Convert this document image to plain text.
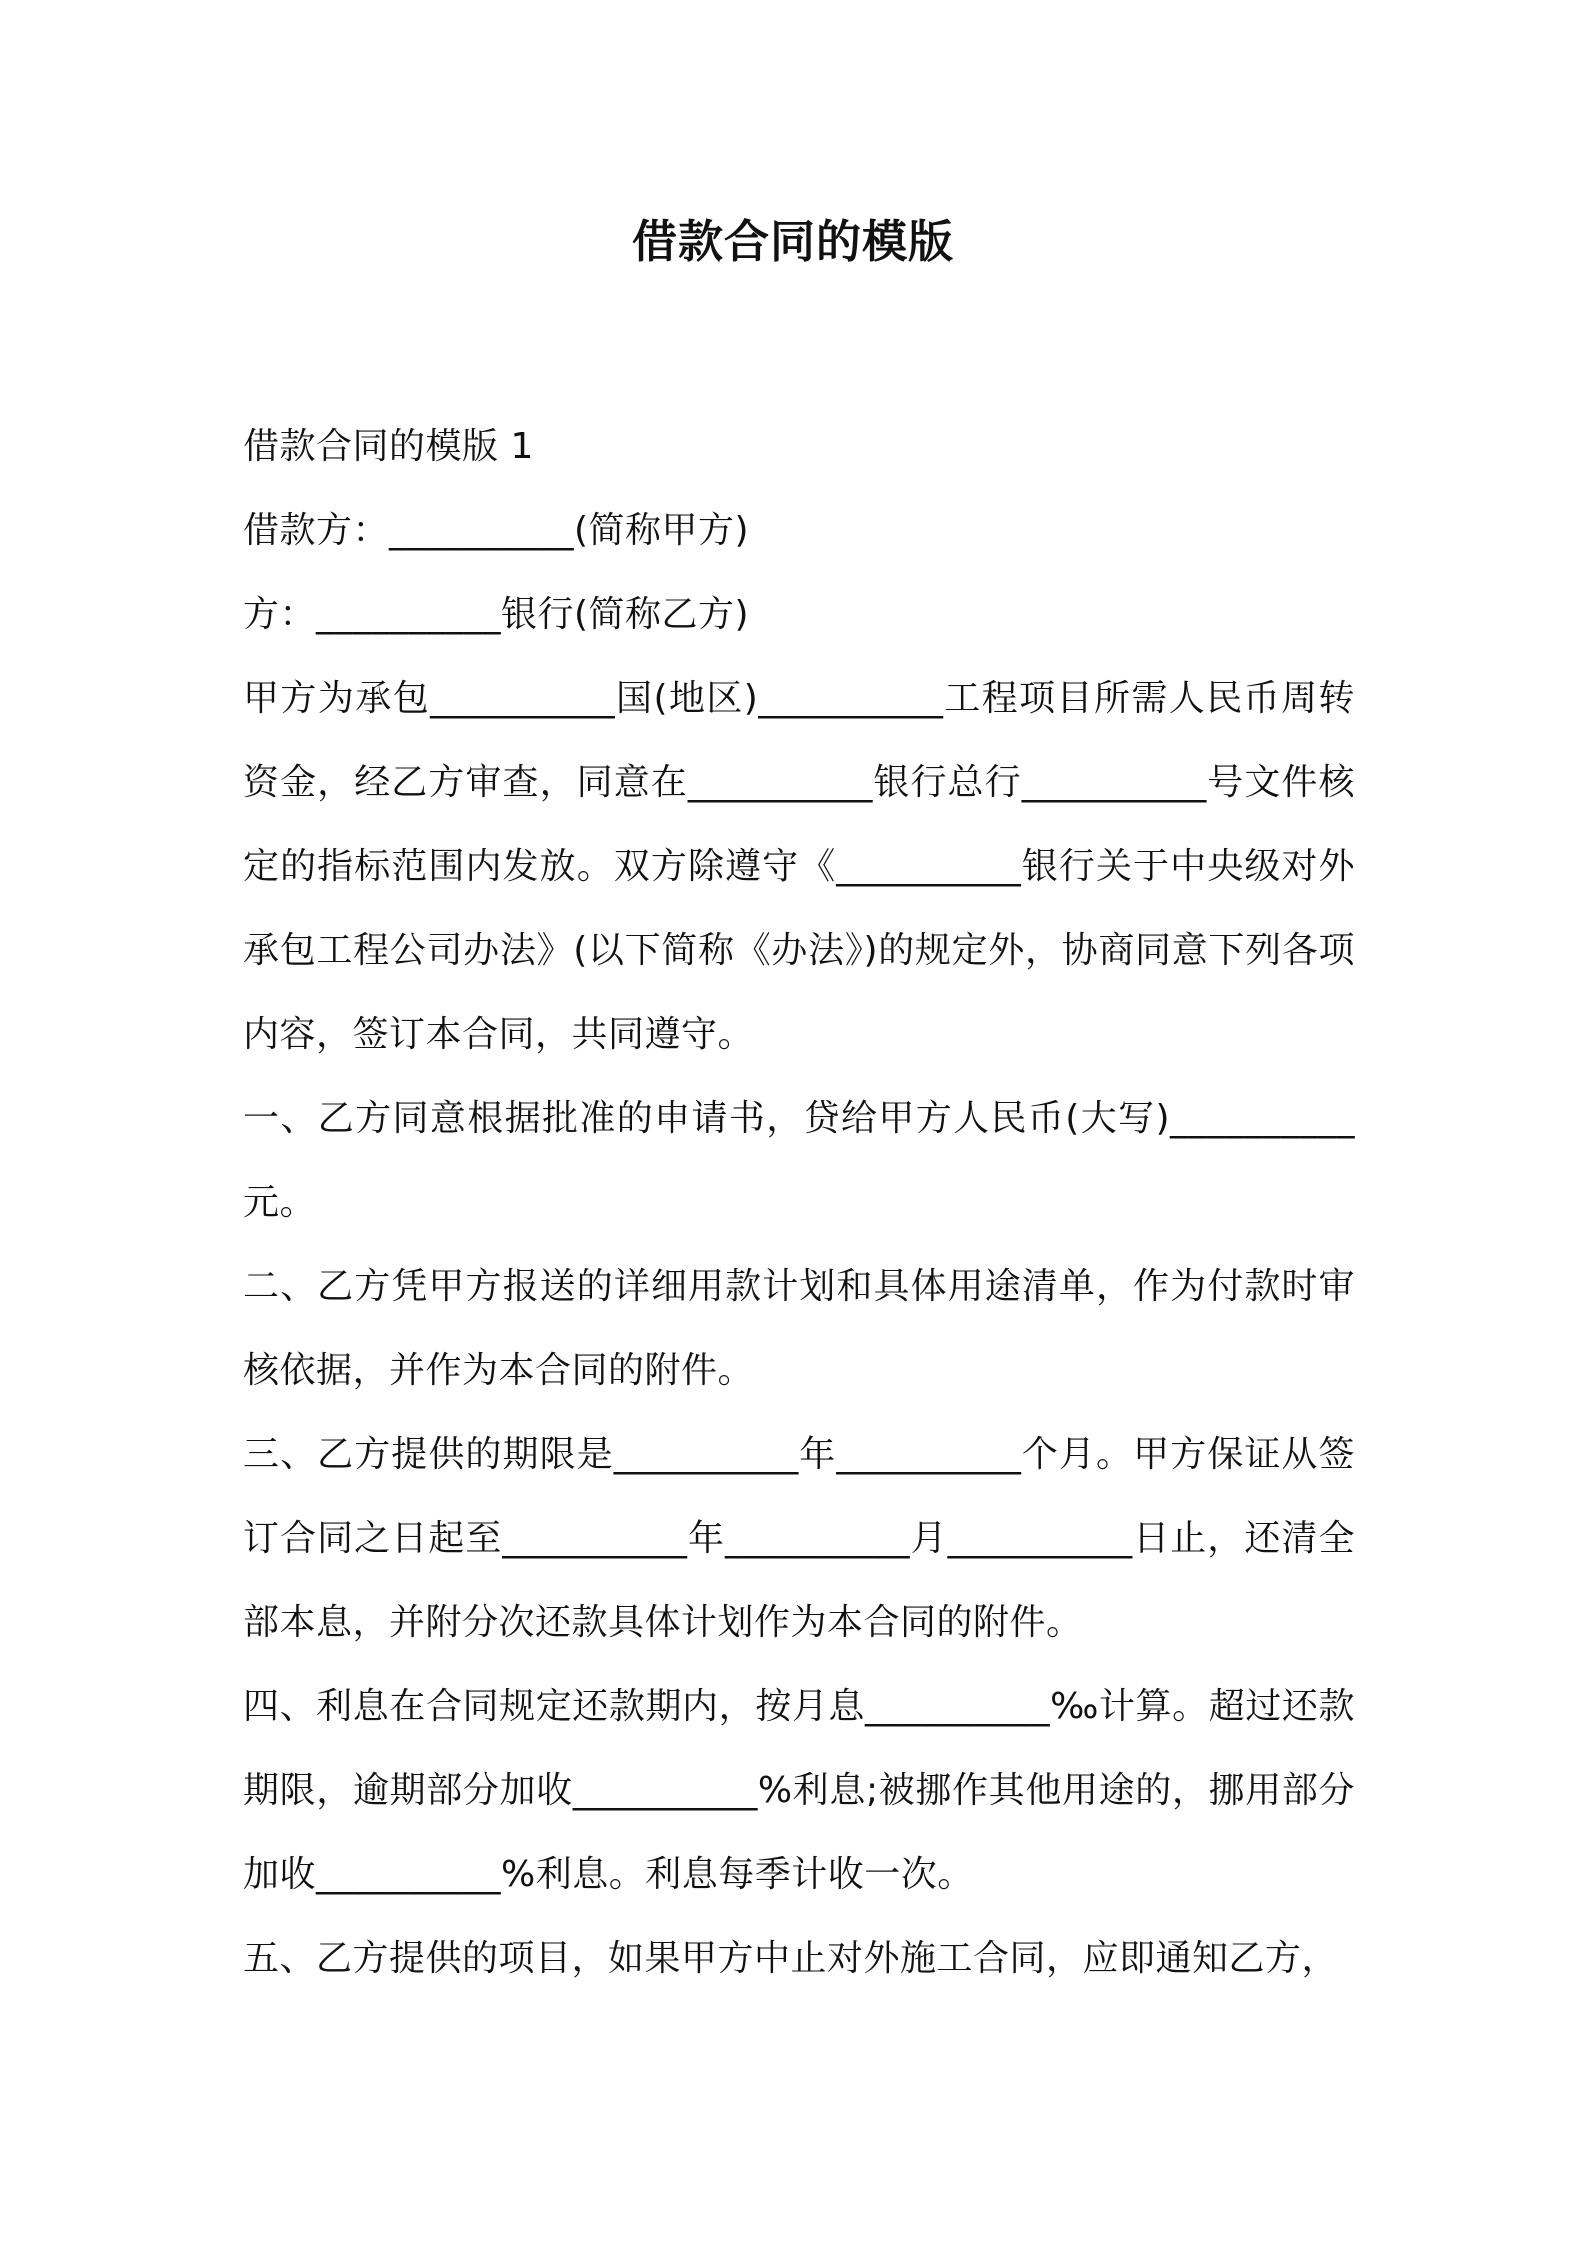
借款合同的模版

借款合同的模版 1

借款方：__________(简称甲方)

方：__________银行(简称乙方)

甲方为承包__________国(地区)__________工程项目所需人民币周转资金，经乙方审查，同意在__________银行总行__________号文件核定的指标范围内发放。双方除遵守《__________银行关于中央级对外承包工程公司办法》(以下简称《办法》)的规定外，协商同意下列各项内容，签订本合同，共同遵守。

一、乙方同意根据批准的申请书，贷给甲方人民币(大写)__________元。

二、乙方凭甲方报送的详细用款计划和具体用途清单，作为付款时审核依据，并作为本合同的附件。

三、乙方提供的期限是__________年__________个月。甲方保证从签订合同之日起至__________年__________月__________日止，还清全部本息，并附分次还款具体计划作为本合同的附件。

四、利息在合同规定还款期内，按月息__________‰计算。超过还款期限，逾期部分加收__________%利息;被挪作其他用途的，挪用部分加收__________%利息。利息每季计收一次。

五、乙方提供的项目，如果甲方中止对外施工合同，应即通知乙方，
